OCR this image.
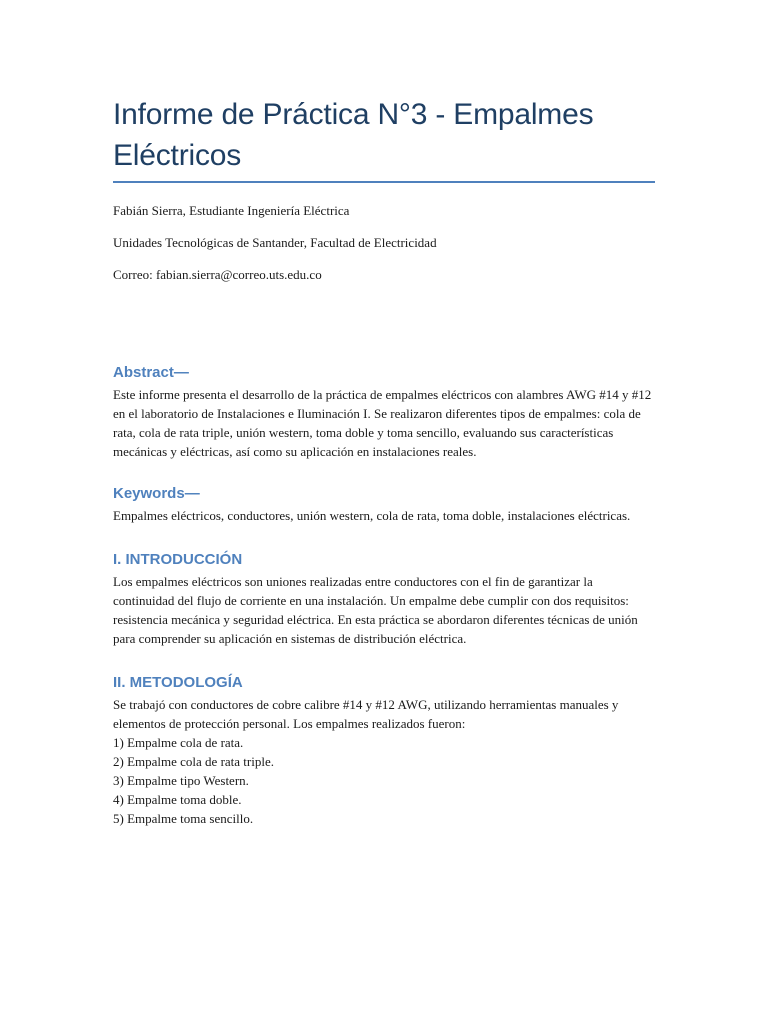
Informe de Práctica N°3 - Empalmes Eléctricos

Fabián Sierra, Estudiante Ingeniería Eléctrica

Unidades Tecnológicas de Santander, Facultad de Electricidad

Correo: fabian.sierra@correo.uts.edu.co

Abstract—

Este informe presenta el desarrollo de la práctica de empalmes eléctricos con alambres AWG #14 y #12 en el laboratorio de Instalaciones e Iluminación I. Se realizaron diferentes tipos de empalmes: cola de rata, cola de rata triple, unión western, toma doble y toma sencillo, evaluando sus características mecánicas y eléctricas, así como su aplicación en instalaciones reales.

Keywords—

Empalmes eléctricos, conductores, unión western, cola de rata, toma doble, instalaciones eléctricas.

I. INTRODUCCIÓN

Los empalmes eléctricos son uniones realizadas entre conductores con el fin de garantizar la continuidad del flujo de corriente en una instalación. Un empalme debe cumplir con dos requisitos: resistencia mecánica y seguridad eléctrica. En esta práctica se abordaron diferentes técnicas de unión para comprender su aplicación en sistemas de distribución eléctrica.

II. METODOLOGÍA

Se trabajó con conductores de cobre calibre #14 y #12 AWG, utilizando herramientas manuales y elementos de protección personal. Los empalmes realizados fueron:

1) Empalme cola de rata.
2) Empalme cola de rata triple.
3) Empalme tipo Western.
4) Empalme toma doble.
5) Empalme toma sencillo.
